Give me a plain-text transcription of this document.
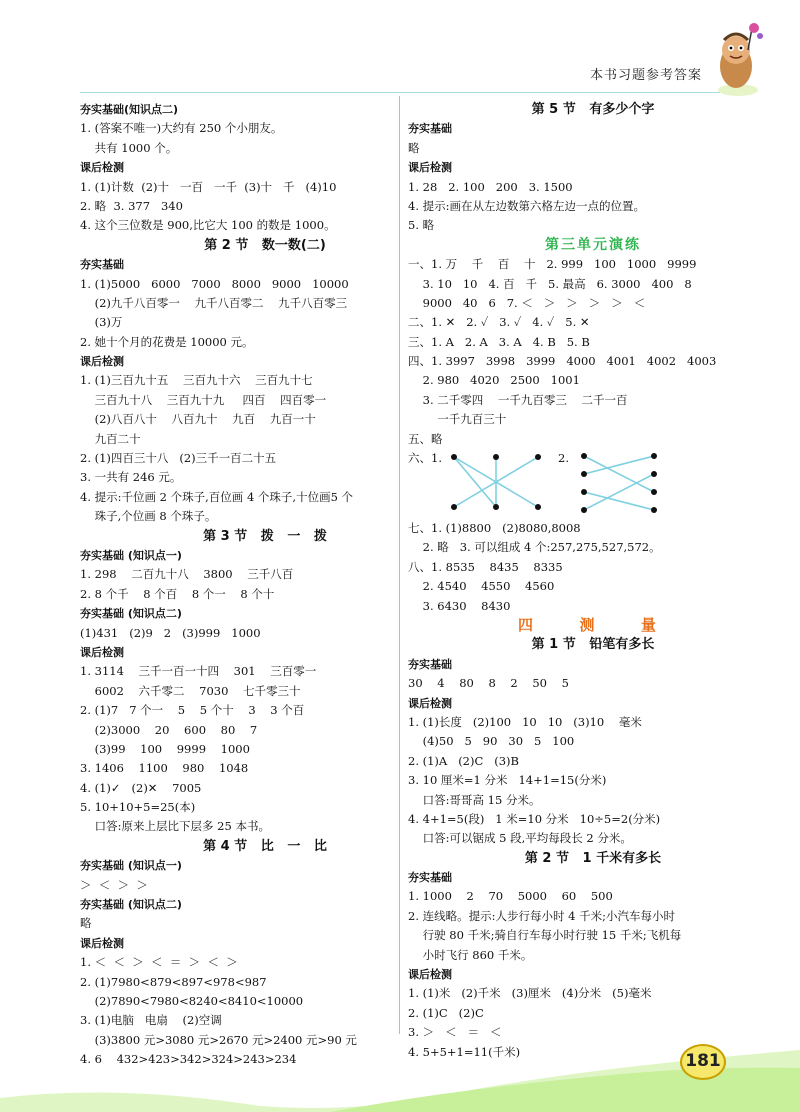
本书习题参考答案
夯实基础(知识点二)
1. (答案不唯一)大约有 250 个小朋友。
共有 1000 个。
课后检测
1. (1)计数  (2)十   一百   一千  (3)十   千   (4)10
2. 略  3. 377   340
4. 这个三位数是 900,比它大 100 的数是 1000。
第 2 节   数一数(二)
夯实基础
1. (1)5000   6000   7000   8000   9000   10000
(2)九千八百零一    九千八百零二    九千八百零三
(3)万
2. 她十个月的花费是 10000 元。
课后检测
1. (1)三百九十五    三百九十六    三百九十七
三百九十八    三百九十九     四百    四百零一
(2)八百八十    八百九十    九百    九百一十
九百二十
2. (1)四百三十八   (2)三千一百二十五
3. 一共有 246 元。
4. 提示:千位画 2 个珠子,百位画 4 个珠子,十位画5 个
珠子,个位画 8 个珠子。
第 3 节   拨   一   拨
夯实基础 (知识点一)
1. 298    二百九十八    3800    三千八百
2. 8 个千    8 个百    8 个一    8 个十
夯实基础 (知识点二)
(1)431   (2)9   2   (3)999   1000
课后检测
1. 3114    三千一百一十四    301    三百零一
6002    六千零二    7030    七千零三十
2. (1)7   7 个一    5    5 个十    3    3 个百
(2)3000    20    600    80    7
(3)99    100    9999    1000
3. 1406    1100    980    1048
4. (1)✓   (2)✕    7005
5. 10+10+5=25(本)
口答:原来上层比下层多 25 本书。
第 4 节   比   一   比
夯实基础 (知识点一)
＞  ＜  ＞  ＞
夯实基础 (知识点二)
略
课后检测
1. ＜  ＜  ＞  ＜  ＝  ＞  ＜  ＞
2. (1)7980<879<897<978<987
(2)7890<7980<8240<8410<10000
3. (1)电脑   电扇    (2)空调
(3)3800 元>3080 元>2670 元>2400 元>90 元
4. 6    432>423>342>324>243>234
第 5 节   有多少个字
夯实基础
略
课后检测
1. 28   2. 100   200   3. 1500
4. 提示:画在从左边数第六格左边一点的位置。
5. 略
第三单元演练
一、1. 万    千    百    十   2. 999   100   1000   9999
3. 10   10   4. 百   千   5. 最高   6. 3000   400   8
9000   40   6   7. ＜   ＞   ＞   ＞   ＞   ＜
二、1. ✕   2. ✓   3. ✓   4. ✓   5. ✕
三、1. A   2. A   3. A   4. B   5. B
四、1. 3997   3998   3999   4000   4001   4002   4003
2. 980   4020   2500   1001
3. 二千零四    一千九百零三    二千一百
一千九百三十
五、略
六、1.	2.
七、1. (1)8800   (2)8080,8008
2. 略   3. 可以组成 4 个:257,275,527,572。
八、1. 8535    8435    8335
2. 4540    4550    4560
3. 6430    8430
四  测  量
第 1 节   铅笔有多长
夯实基础
30    4    80    8    2    50    5
课后检测
1. (1)长度   (2)100   10   10   (3)10    毫米
(4)50   5   90   30   5   100
2. (1)A   (2)C   (3)B
3. 10 厘米=1 分米   14+1=15(分米)
口答:哥哥高 15 分米。
4. 4+1=5(段)   1 米=10 分米   10÷5=2(分米)
口答:可以锯成 5 段,平均每段长 2 分米。
第 2 节   1 千米有多长
夯实基础
1. 1000    2    70    5000    60    500
2. 连线略。提示:人步行每小时 4 千米;小汽车每小时
行驶 80 千米;骑自行车每小时行驶 15 千米;飞机每
小时飞行 860 千米。
课后检测
1. (1)米   (2)千米   (3)厘米   (4)分米   (5)毫米
2. (1)C   (2)C
3. ＞   ＜   ＝   ＜
4. 5+5+1=11(千米)	181
